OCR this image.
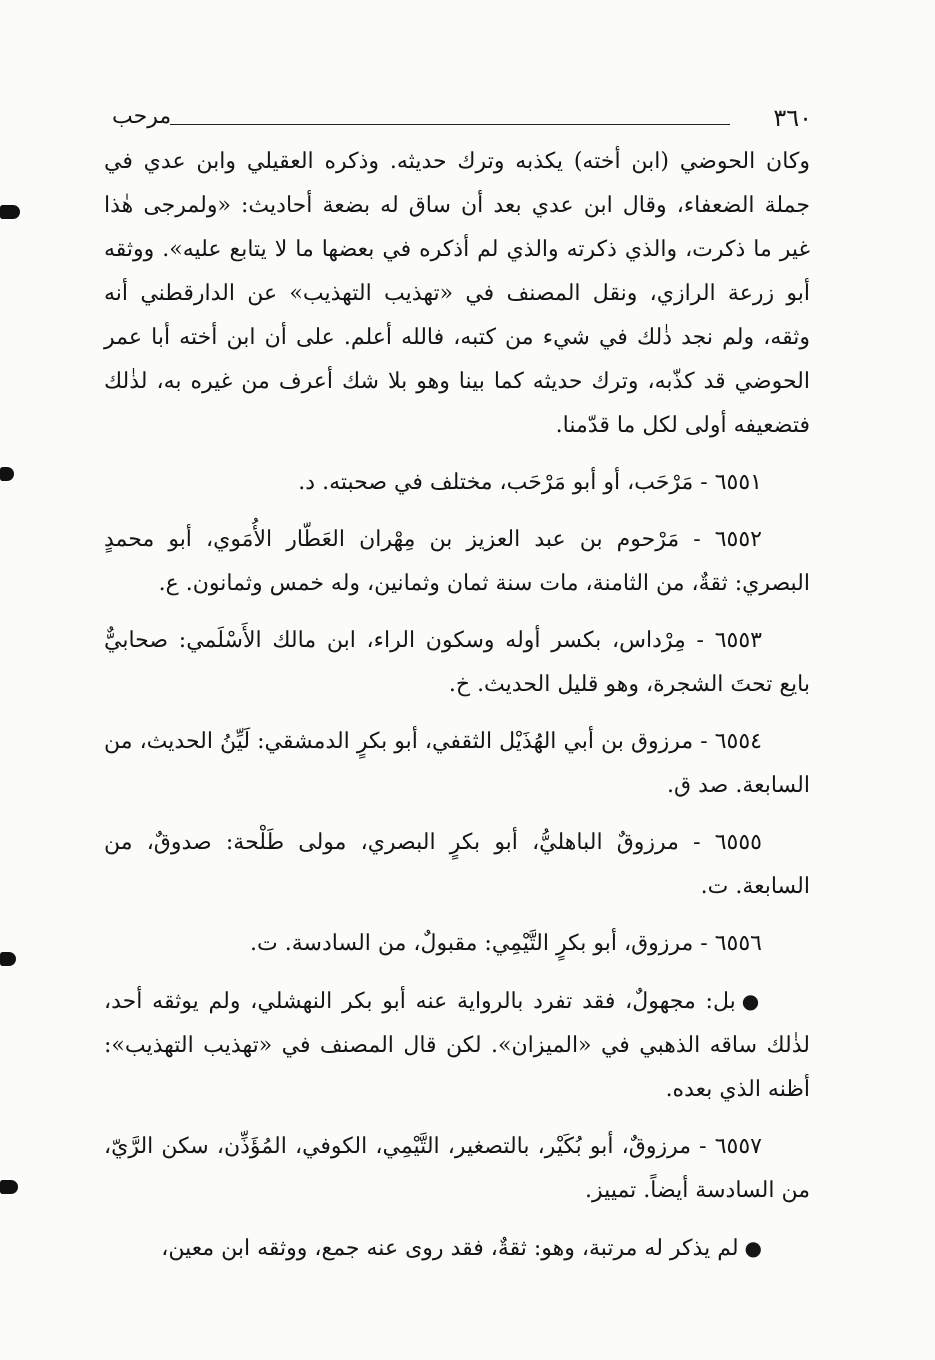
٣٦٠
مرحب

وكان الحوضي (ابن أخته) يكذبه وترك حديثه. وذكره العقيلي وابن عدي في جملة الضعفاء، وقال ابن عدي بعد أن ساق له بضعة أحاديث: «ولمرجى هٰذا غير ما ذكرت، والذي ذكرته والذي لم أذكره في بعضها ما لا يتابع عليه». ووثقه أبو زرعة الرازي، ونقل المصنف في «تهذيب التهذيب» عن الدارقطني أنه وثقه، ولم نجد ذٰلك في شيء من كتبه، فالله أعلم. على أن ابن أخته أبا عمر الحوضي قد كذّبه، وترك حديثه كما بينا وهو بلا شك أعرف من غيره به، لذٰلك فتضعيفه أولى لكل ما قدّمنا.

٦٥٥١ - مَرْحَب، أو أبو مَرْحَب، مختلف في صحبته. د.

٦٥٥٢ - مَرْحوم بن عبد العزيز بن مِهْران العَطّار الأُمَوي، أبو محمدٍ البصري: ثقةٌ، من الثامنة، مات سنة ثمان وثمانين، وله خمس وثمانون. ع.

٦٥٥٣ - مِرْداس، بكسر أوله وسكون الراء، ابن مالك الأَسْلَمي: صحابيٌّ بايع تحتَ الشجرة، وهو قليل الحديث. خ.

٦٥٥٤ - مرزوق بن أبي الهُذَيْل الثقفي، أبو بكرٍ الدمشقي: لَيِّنُ الحديث، من السابعة. صد ق.

٦٥٥٥ - مرزوقٌ الباهليُّ، أبو بكرٍ البصري، مولى طَلْحة: صدوقٌ، من السابعة. ت.

٦٥٥٦ - مرزوق، أبو بكرٍ التَّيْمِي: مقبولٌ، من السادسة. ت.

●بل: مجهولٌ، فقد تفرد بالرواية عنه أبو بكر النهشلي، ولم يوثقه أحد، لذٰلك ساقه الذهبي في «الميزان». لكن قال المصنف في «تهذيب التهذيب»: أظنه الذي بعده.

٦٥٥٧ - مرزوقٌ، أبو بُكَيْر، بالتصغير، التَّيْمِي، الكوفي، المُؤَذِّن، سكن الرَّيّ، من السادسة أيضاً. تمييز.

●لم يذكر له مرتبة، وهو: ثقةٌ، فقد روى عنه جمع، ووثقه ابن معين،
